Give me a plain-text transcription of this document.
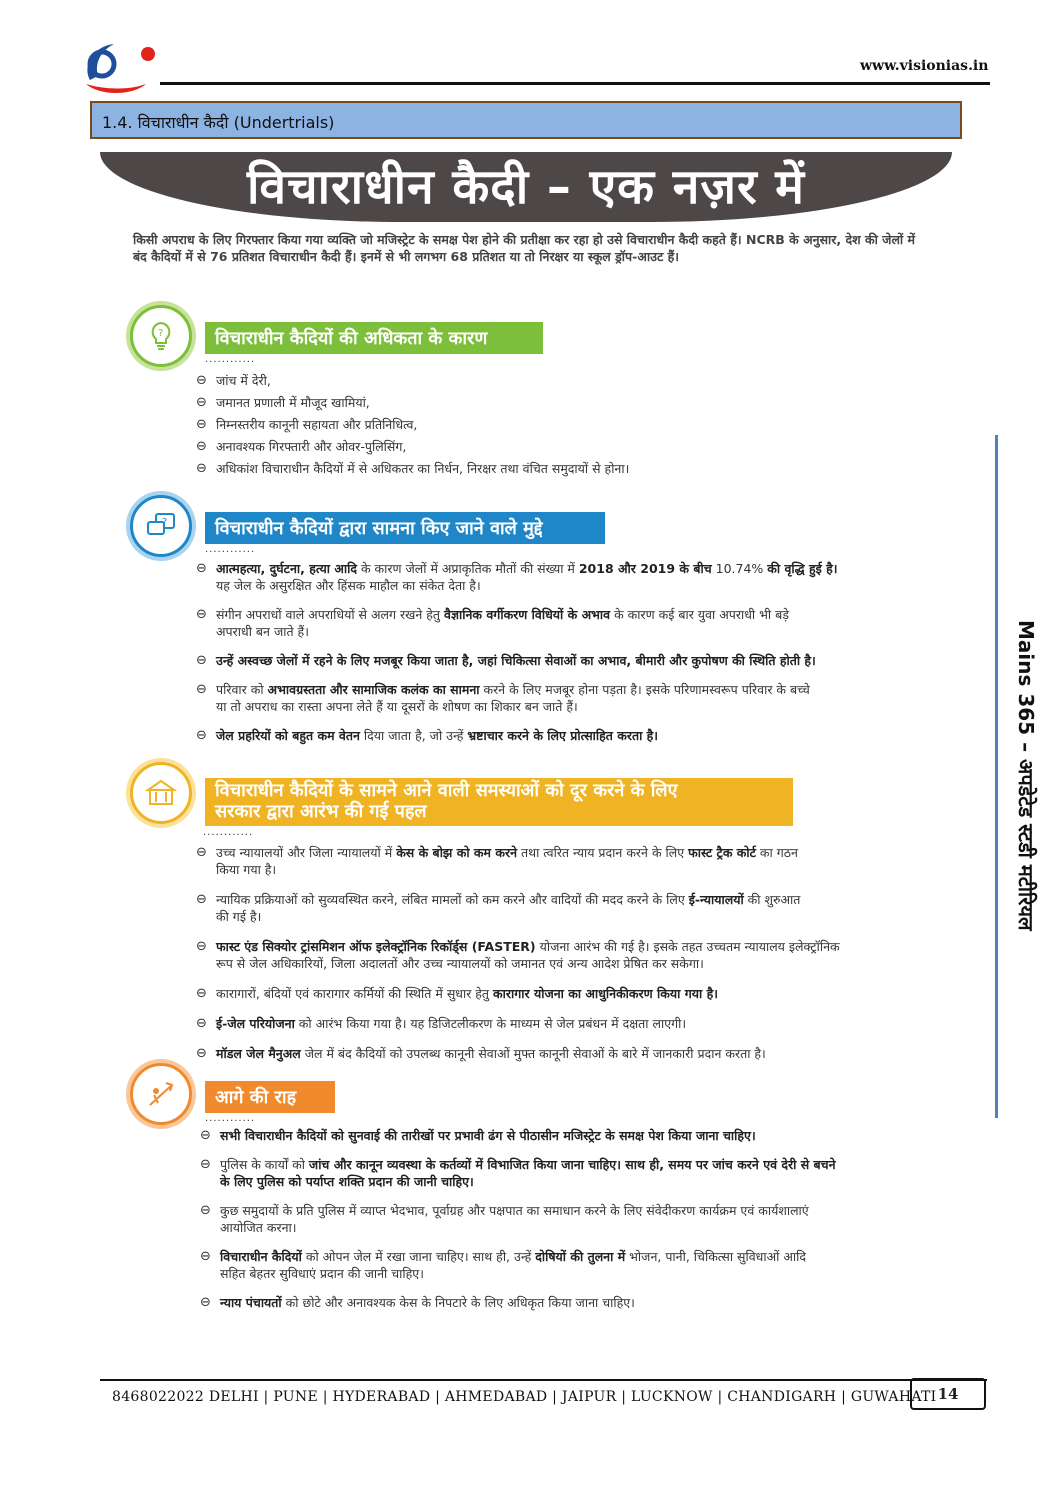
www.visionias.in
1.4. विचाराधीन कैदी (Undertrials)
विचाराधीन कैदी – एक नज़र में
किसी अपराध के लिए गिरफ्तार किया गया व्यक्ति जो मजिस्ट्रेट के समक्ष पेश होने की प्रतीक्षा कर रहा हो उसे विचाराधीन कैदी कहते हैं। NCRB के अनुसार, देश की जेलों में बंद कैदियों में से 76 प्रतिशत विचाराधीन कैदी हैं। इनमें से भी लगभग 68 प्रतिशत या तो निरक्षर या स्कूल ड्रॉप-आउट हैं।
?	विचाराधीन कैदियों की अधिकता के कारण
............
⊖ जांच में देरी,
⊖ जमानत प्रणाली में मौजूद खामियां,
⊖ निम्नस्तरीय कानूनी सहायता और प्रतिनिधित्व,
⊖ अनावश्यक गिरफ्तारी और ओवर-पुलिसिंग,
⊖ अधिकांश विचाराधीन कैदियों में से अधिकतर का निर्धन, निरक्षर तथा वंचित समुदायों से होना।
?	विचाराधीन कैदियों द्वारा सामना किए जाने वाले मुद्दे
............
⊖ आत्महत्या, दुर्घटना, हत्या आदि के कारण जेलों में अप्राकृतिक मौतों की संख्या में 2018 और 2019 के बीच 10.74% की वृद्धि हुई है।
यह जेल के असुरक्षित और हिंसक माहौल का संकेत देता है।
⊖ संगीन अपराधों वाले अपराधियों से अलग रखने हेतु वैज्ञानिक वर्गीकरण विधियों के अभाव के कारण कई बार युवा अपराधी भी बड़े
अपराधी बन जाते हैं।
⊖ उन्हें अस्वच्छ जेलों में रहने के लिए मजबूर किया जाता है, जहां चिकित्सा सेवाओं का अभाव, बीमारी और कुपोषण की स्थिति होती है।
⊖ परिवार को अभावग्रस्तता और सामाजिक कलंक का सामना करने के लिए मजबूर होना पड़ता है। इसके परिणामस्वरूप परिवार के बच्चे
या तो अपराध का रास्ता अपना लेते हैं या दूसरों के शोषण का शिकार बन जाते हैं।
⊖ जेल प्रहरियों को बहुत कम वेतन दिया जाता है, जो उन्हें भ्रष्टाचार करने के लिए प्रोत्साहित करता है।
विचाराधीन कैदियों के सामने आने वाली समस्याओं को दूर करने के लिए
सरकार द्वारा आरंभ की गई पहल
............
⊖ उच्च न्यायालयों और जिला न्यायालयों में केस के बोझ को कम करने तथा त्वरित न्याय प्रदान करने के लिए फास्ट ट्रैक कोर्ट का गठन
किया गया है।
⊖ न्यायिक प्रक्रियाओं को सुव्यवस्थित करने, लंबित मामलों को कम करने और वादियों की मदद करने के लिए ई-न्यायालयों की शुरुआत
की गई है।
⊖ फास्ट एंड सिक्योर ट्रांसमिशन ऑफ इलेक्ट्रॉनिक रिकॉर्ड्स (FASTER) योजना आरंभ की गई है। इसके तहत उच्चतम न्यायालय इलेक्ट्रॉनिक
रूप से जेल अधिकारियों, जिला अदालतों और उच्च न्यायालयों को जमानत एवं अन्य आदेश प्रेषित कर सकेगा।
⊖ कारागारों, बंदियों एवं कारागार कर्मियों की स्थिति में सुधार हेतु कारागार योजना का आधुनिकीकरण किया गया है।
⊖ ई-जेल परियोजना को आरंभ किया गया है। यह डिजिटलीकरण के माध्यम से जेल प्रबंधन में दक्षता लाएगी।
⊖ मॉडल जेल मैनुअल जेल में बंद कैदियों को उपलब्ध कानूनी सेवाओं मुफ्त कानूनी सेवाओं के बारे में जानकारी प्रदान करता है।
आगे की राह
............
⊖ सभी विचाराधीन कैदियों को सुनवाई की तारीखों पर प्रभावी ढंग से पीठासीन मजिस्ट्रेट के समक्ष पेश किया जाना चाहिए।
⊖ पुलिस के कार्यों को जांच और कानून व्यवस्था के कर्तव्यों में विभाजित किया जाना चाहिए। साथ ही, समय पर जांच करने एवं देरी से बचने
के लिए पुलिस को पर्याप्त शक्ति प्रदान की जानी चाहिए।
⊖ कुछ समुदायों के प्रति पुलिस में व्याप्त भेदभाव, पूर्वाग्रह और पक्षपात का समाधान करने के लिए संवेदीकरण कार्यक्रम एवं कार्यशालाएं
आयोजित करना।
⊖ विचाराधीन कैदियों को ओपन जेल में रखा जाना चाहिए। साथ ही, उन्हें दोषियों की तुलना में भोजन, पानी, चिकित्सा सुविधाओं आदि
सहित बेहतर सुविधाएं प्रदान की जानी चाहिए।
⊖ न्याय पंचायतों को छोटे और अनावश्यक केस के निपटारे के लिए अधिकृत किया जाना चाहिए।
Mains 365 – अपडेटेड स्टडी मटीरियल
8468022022 DELHI | PUNE | HYDERABAD | AHMEDABAD | JAIPUR | LUCKNOW | CHANDIGARH | GUWAHATI 14
